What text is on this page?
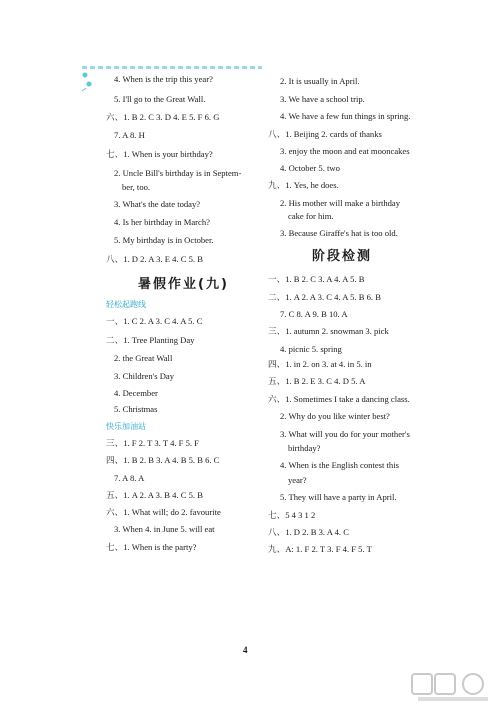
4. When is the trip this year?
5. I'll go to the Great Wall.
六、1. B 2. C 3. D 4. E 5. F 6. G
7. A 8. H
七、1. When is your birthday?
2. Uncle Bill's birthday is in Septem-
ber, too.
3. What's the date today?
4. Is her birthday in March?
5. My birthday is in October.
八、1. D 2. A 3. E 4. C 5. B
暑假作业(九)
轻松起跑线
一、1. C 2. A 3. C 4. A 5. C
二、1. Tree Planting Day
2. the Great Wall
3. Children's Day
4. December
5. Christmas
快乐加油站
三、1. F 2. T 3. T 4. F 5. F
四、1. B 2. B 3. A 4. B 5. B 6. C
7. A 8. A
五、1. A 2. A 3. B 4. C 5. B
六、1. What will; do 2. favourite
3. When 4. in June 5. will eat
七、1. When is the party?
2. It is usually in April.
3. We have a school trip.
4. We have a few fun things in spring.
八、1. Beijing 2. cards of thanks
3. enjoy the moon and eat mooncakes
4. October 5. two
九、1. Yes, he does.
2. His mother will make a birthday
cake for him.
3. Because Giraffe's hat is too old.
阶段检测
一、1. B 2. C 3. A 4. A 5. B
二、1. A 2. A 3. C 4. A 5. B 6. B
7. C 8. A 9. B 10. A
三、1. autumn 2. snowman 3. pick
4. picnic 5. spring
四、1. in 2. on 3. at 4. in 5. in
五、1. B 2. E 3. C 4. D 5. A
六、1. Sometimes I take a dancing class.
2. Why do you like winter best?
3. What will you do for your mother's
birthday?
4. When is the English contest this
year?
5. They will have a party in April.
七、5 4 3 1 2
八、1. D 2. B 3. A 4. C
九、A: 1. F 2. T 3. F 4. F 5. T
4
